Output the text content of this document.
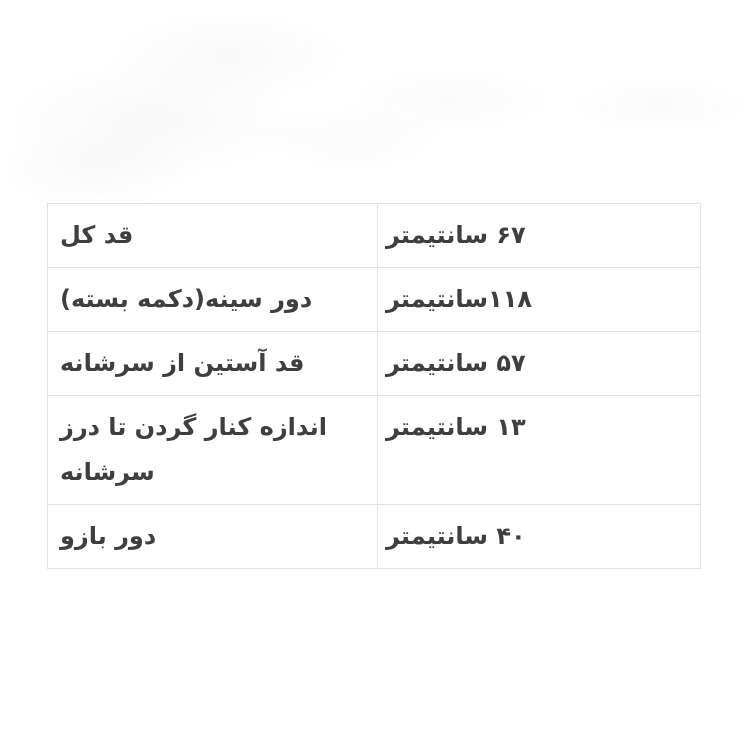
قد کل	۶۷ سانتیمتر
دور سینه(دکمه بسته)	۱۱۸سانتیمتر
قد آستین از سرشانه	۵۷ سانتیمتر
اندازه کنار گردن تا درز سرشانه	۱۳ سانتیمتر
دور بازو	۴۰ سانتیمتر
